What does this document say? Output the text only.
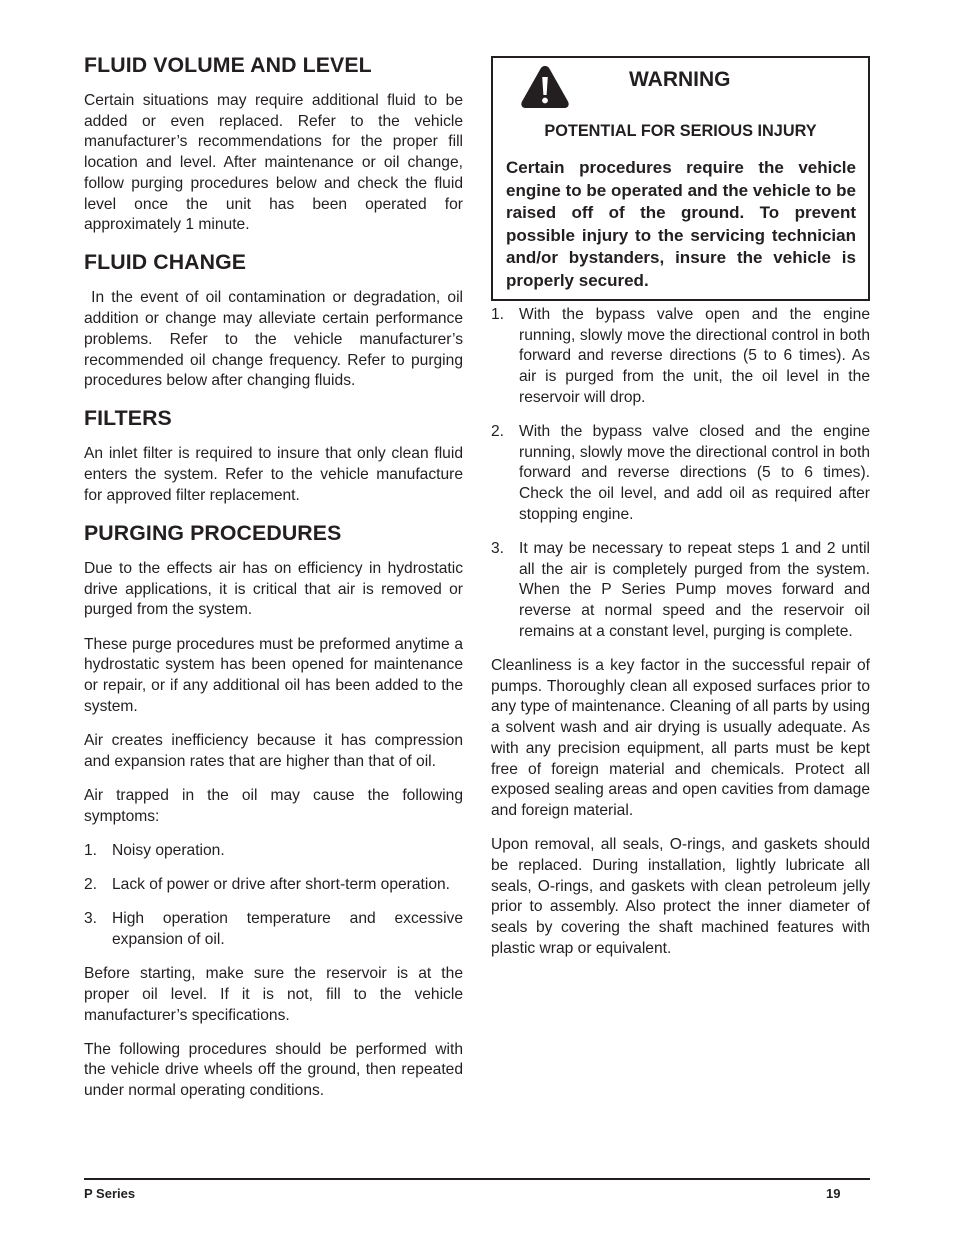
FLUID VOLUME AND LEVEL

Certain situations may require additional fluid to be added or even replaced. Refer to the vehicle manufacturer’s recommendations for the proper fill location and level. After maintenance or oil change, follow purging procedures below and check the fluid level once the unit has been operated for approximately 1 minute.

FLUID CHANGE

In the event of oil contamination or degradation, oil addition or change may alleviate certain performance problems. Refer to the vehicle manufacturer’s recommended oil change frequency. Refer to purging procedures below after changing fluids.

FILTERS

An inlet filter is required to insure that only clean fluid enters the system. Refer to the vehicle manufacture for approved filter replacement.

PURGING PROCEDURES

Due to the effects air has on efficiency in hydrostatic drive applications, it is critical that air is removed or purged from the system.

These purge procedures must be preformed anytime a hydrostatic system has been opened for maintenance or repair, or if any additional oil has been added to the system.

Air creates inefficiency because it has compression and expansion rates that are higher than that of oil.

Air trapped in the oil may cause the following symptoms:

1. Noisy operation.
2. Lack of power or drive after short-term operation.
3. High operation temperature and excessive expansion of oil.

Before starting, make sure the reservoir is at the proper oil level. If it is not, fill to the vehicle manufacturer’s specifications.

The following procedures should be performed with the vehicle drive wheels off the ground, then repeated under normal operating conditions.

WARNING
POTENTIAL FOR SERIOUS INJURY
Certain procedures require the vehicle engine to be operated and the vehicle to be raised off of the ground. To prevent possible injury to the servicing technician and/or bystanders, insure the vehicle is properly secured.
1. With the bypass valve open and the engine running, slowly move the directional control in both forward and reverse directions (5 to 6 times). As air is purged from the unit, the oil level in the reservoir will drop.
2. With the bypass valve closed and the engine running, slowly move the directional control in both forward and reverse directions (5 to 6 times). Check the oil level, and add oil as required after stopping engine.
3. It may be necessary to repeat steps 1 and 2 until all the air is completely purged from the system. When the P Series Pump moves forward and reverse at normal speed and the reservoir oil remains at a constant level, purging is complete.

Cleanliness is a key factor in the successful repair of pumps. Thoroughly clean all exposed surfaces prior to any type of maintenance. Cleaning of all parts by using a solvent wash and air drying is usually adequate. As with any precision equipment, all parts must be kept free of foreign material and chemicals. Protect all exposed sealing areas and open cavities from damage and foreign material.

Upon removal, all seals, O-rings, and gaskets should be replaced. During installation, lightly lubricate all seals, O-rings, and gaskets with clean petroleum jelly prior to assembly. Also protect the inner diameter of seals by covering the shaft machined features with plastic wrap or equivalent.

P Series	19
